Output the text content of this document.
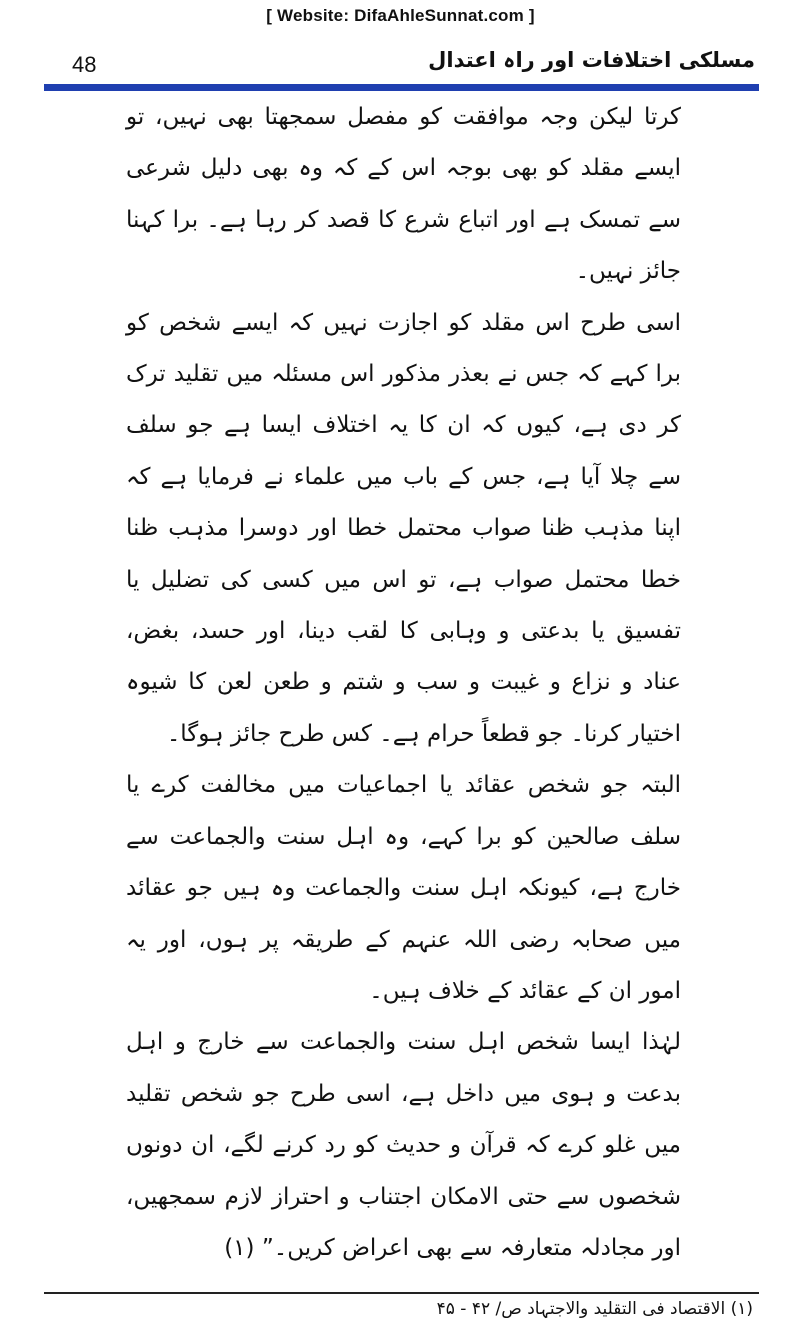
[ Website: DifaAhleSunnat.com ]
48	مسلکی اختلافات اور راہ اعتدال

کرتا لیکن وجہ موافقت کو مفصل سمجھتا بھی نہیں، تو ایسے مقلد کو بھی بوجہ اس کے کہ وہ بھی دلیل شرعی سے تمسک ہے اور اتباع شرع کا قصد کر رہا ہے۔ برا کہنا جائز نہیں۔

اسی طرح اس مقلد کو اجازت نہیں کہ ایسے شخص کو برا کہے کہ جس نے بعذر مذکور اس مسئلہ میں تقلید ترک کر دی ہے، کیوں کہ ان کا یہ اختلاف ایسا ہے جو سلف سے چلا آیا ہے، جس کے باب میں علماء نے فرمایا ہے کہ اپنا مذہب ظنا صواب محتمل خطا اور دوسرا مذہب ظنا خطا محتمل صواب ہے، تو اس میں کسی کی تضلیل یا تفسیق یا بدعتی و وہابی کا لقب دینا، اور حسد، بغض، عناد و نزاع و غیبت و سب و شتم و طعن لعن کا شیوہ اختیار کرنا۔ جو قطعاً حرام ہے۔ کس طرح جائز ہوگا۔

البتہ جو شخص عقائد یا اجماعیات میں مخالفت کرے یا سلف صالحین کو برا کہے، وہ اہل سنت والجماعت سے خارج ہے، کیونکہ اہل سنت والجماعت وہ ہیں جو عقائد میں صحابہ رضی اللہ عنہم کے طریقہ پر ہوں، اور یہ امور ان کے عقائد کے خلاف ہیں۔

لہٰذا ایسا شخص اہل سنت والجماعت سے خارج و اہل بدعت و ہوی میں داخل ہے، اسی طرح جو شخص تقلید میں غلو کرے کہ قرآن و حدیث کو رد کرنے لگے، ان دونوں شخصوں سے حتی الامکان اجتناب و احتراز لازم سمجھیں، اور مجادلہ متعارفہ سے بھی اعراض کریں۔” (۱)

(۱) الاقتصاد فی التقلید والاجتہاد ص/ ۴۲ - ۴۵
